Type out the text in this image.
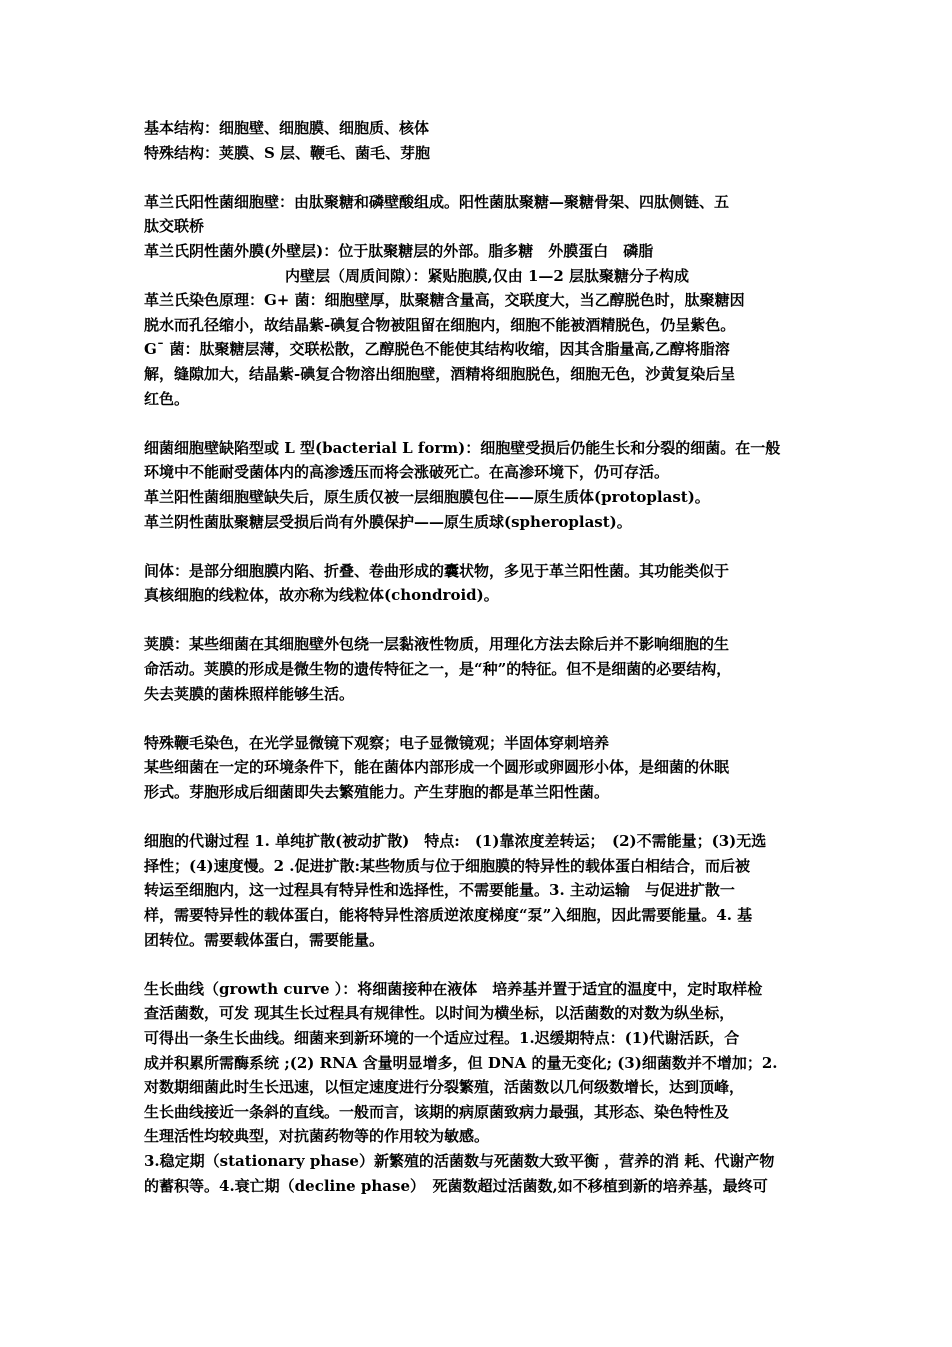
基本结构：细胞壁、细胞膜、细胞质、核体
特殊结构：荚膜、S 层、鞭毛、菌毛、芽胞
革兰氏阳性菌细胞壁：由肽聚糖和磷壁酸组成。阳性菌肽聚糖—聚糖骨架、四肽侧链、五
肽交联桥
革兰氏阴性菌外膜(外壁层)：位于肽聚糖层的外部。脂多糖　外膜蛋白　磷脂
内壁层（周质间隙）：紧贴胞膜,仅由 1—2 层肽聚糖分子构成
革兰氏染色原理：G+ 菌：细胞壁厚，肽聚糖含量高，交联度大，当乙醇脱色时，肽聚糖因
脱水而孔径缩小，故结晶紫-碘复合物被阻留在细胞内，细胞不能被酒精脱色，仍呈紫色。
G¯ 菌：肽聚糖层薄，交联松散，乙醇脱色不能使其结构收缩，因其含脂量高,乙醇将脂溶
解，缝隙加大，结晶紫-碘复合物溶出细胞壁，酒精将细胞脱色，细胞无色，沙黄复染后呈
红色。
细菌细胞壁缺陷型或 L 型(bacterial L form)：细胞壁受损后仍能生长和分裂的细菌。在一般
环境中不能耐受菌体内的高渗透压而将会涨破死亡。在高渗环境下，仍可存活。
革兰阳性菌细胞壁缺失后，原生质仅被一层细胞膜包住——原生质体(protoplast)。
革兰阴性菌肽聚糖层受损后尚有外膜保护——原生质球(spheroplast)。
间体：是部分细胞膜内陷、折叠、卷曲形成的囊状物，多见于革兰阳性菌。其功能类似于
真核细胞的线粒体，故亦称为线粒体(chondroid)。
荚膜：某些细菌在其细胞壁外包绕一层黏液性物质，用理化方法去除后并不影响细胞的生
命活动。荚膜的形成是微生物的遗传特征之一，是“种”的特征。但不是细菌的必要结构，
失去荚膜的菌株照样能够生活。
特殊鞭毛染色，在光学显微镜下观察；电子显微镜观；半固体穿刺培养
某些细菌在一定的环境条件下，能在菌体内部形成一个圆形或卵圆形小体，是细菌的休眠
形式。芽胞形成后细菌即失去繁殖能力。产生芽胞的都是革兰阳性菌。
细胞的代谢过程 1. 单纯扩散(被动扩散)　特点:　(1)靠浓度差转运；　(2)不需能量；(3)无选
择性；(4)速度慢。2 .促进扩散:某些物质与位于细胞膜的特异性的载体蛋白相结合，而后被
转运至细胞内，这一过程具有特异性和选择性，不需要能量。3. 主动运输　与促进扩散一
样，需要特异性的载体蛋白，能将特异性溶质逆浓度梯度“泵”入细胞，因此需要能量。4. 基
团转位。需要载体蛋白，需要能量。
生长曲线（growth curve ）：将细菌接种在液体　培养基并置于适宜的温度中，定时取样检
查活菌数，可发 现其生长过程具有规律性。以时间为横坐标，以活菌数的对数为纵坐标，
可得出一条生长曲线。细菌来到新环境的一个适应过程。1.迟缓期特点：(1)代谢活跃，合
成并积累所需酶系统 ;(2) RNA 含量明显增多，但 DNA 的量无变化; (3)细菌数并不增加；2.
对数期细菌此时生长迅速，以恒定速度进行分裂繁殖，活菌数以几何级数增长，达到顶峰，
生长曲线接近一条斜的直线。一般而言，该期的病原菌致病力最强，其形态、染色特性及
生理活性均较典型，对抗菌药物等的作用较为敏感。
3.稳定期（stationary phase）新繁殖的活菌数与死菌数大致平衡 ，营养的消 耗、代谢产物
的蓄积等。4.衰亡期（decline phase）　死菌数超过活菌数,如不移植到新的培养基，最终可
